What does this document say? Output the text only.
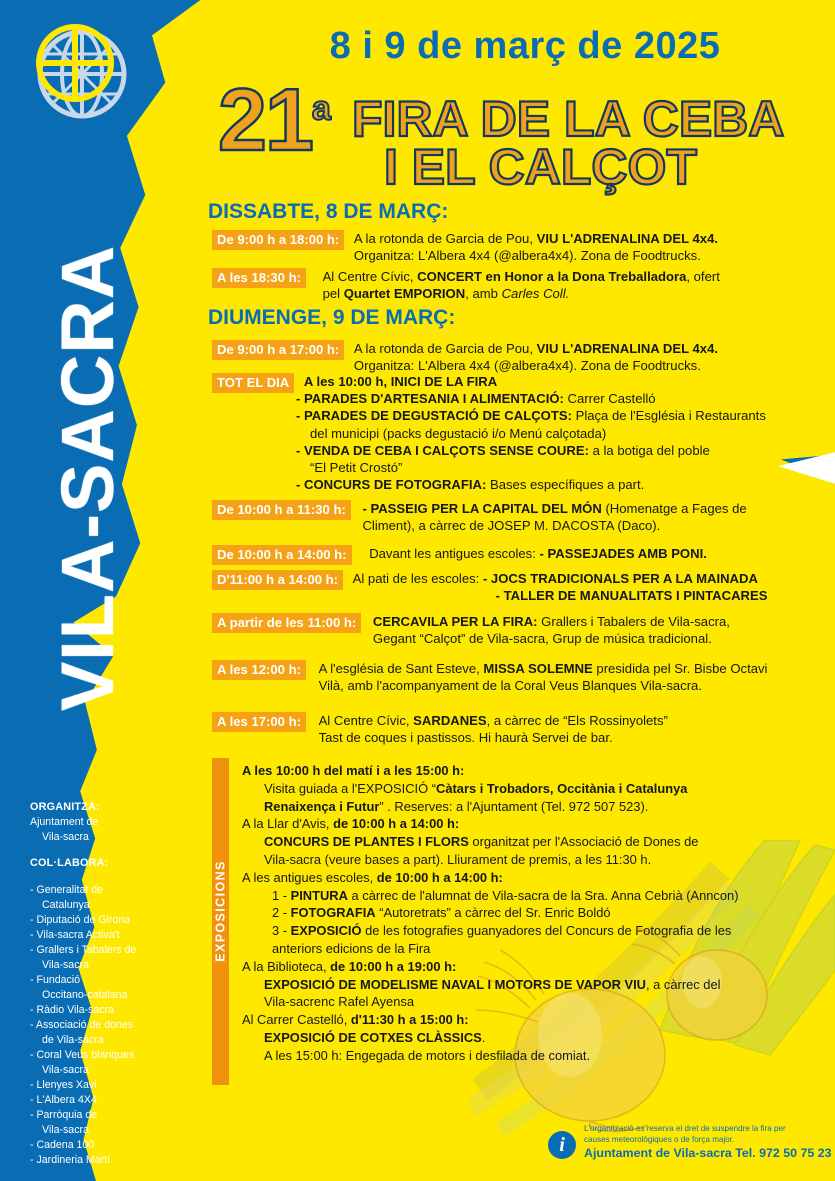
VILA-SACRA
8 i 9 de març de 2025
21$^a$ FIRA DE LA CEBA
I EL CALÇOT
DISSABTE, 8 DE MARÇ:
De 9:00 h a 18:00 h: A la rotonda de Garcia de Pou, VIU L'ADRENALINA DEL 4x4.
Organitza: L'Albera 4x4 (@albera4x4). Zona de Foodtrucks.
A les 18:30 h: Al Centre Cívic, CONCERT en Honor a la Dona Treballadora, ofert
pel Quartet EMPORION, amb Carles Coll.
DIUMENGE, 9 DE MARÇ:
De 9:00 h a 17:00 h: A la rotonda de Garcia de Pou, VIU L'ADRENALINA DEL 4x4.
Organitza: L'Albera 4x4 (@albera4x4). Zona de Foodtrucks.
TOT EL DIA A les 10:00 h, INICI DE LA FIRA
- PARADES D'ARTESANIA I ALIMENTACIÓ: Carrer Castelló
- PARADES DE DEGUSTACIÓ DE CALÇOTS: Plaça de l'Església i Restaurants
del municipi (packs degustació i/o Menú calçotada)
- VENDA DE CEBA I CALÇOTS SENSE COURE: a la botiga del poble
“El Petit Crostó”
- CONCURS DE FOTOGRAFIA: Bases específiques a part.
De 10:00 h a 11:30 h: - PASSEIG PER LA CAPITAL DEL MÓN (Homenatge a Fages de
Climent), a càrrec de JOSEP M. DACOSTA (Daco).
De 10:00 h a 14:00 h: Davant les antigues escoles: - PASSEJADES AMB PONI.
D'11:00 h a 14:00 h: Al pati de les escoles: - JOCS TRADICIONALS PER A LA MAINADA
- TALLER DE MANUALITATS I PINTACARES
A partir de les 11:00 h: CERCAVILA PER LA FIRA: Grallers i Tabalers de Vila-sacra,
Gegant “Calçot” de Vila-sacra, Grup de música tradicional.
A les 12:00 h: A l'església de Sant Esteve, MISSA SOLEMNE presidida pel Sr. Bisbe Octavi
Vilà, amb l'acompanyament de la Coral Veus Blanques Vila-sacra.
A les 17:00 h: Al Centre Cívic, SARDANES, a càrrec de “Els Rossinyolets”
Tast de coques i pastissos. Hi haurà Servei de bar.
EXPOSICIONS
A les 10:00 h del matí i a les 15:00 h:
Visita guiada a l'EXPOSICIÓ “Càtars i Trobadors, Occitània i Catalunya
Renaixença i Futur” . Reserves: a l'Ajuntament (Tel. 972 507 523).
A la Llar d'Avis, de 10:00 h a 14:00 h:
CONCURS DE PLANTES I FLORS organitzat per l'Associació de Dones de
Vila-sacra (veure bases a part). Lliurament de premis, a les 11:30 h.
A les antigues escoles, de 10:00 h a 14:00 h:
1 - PINTURA a càrrec de l'alumnat de Vila-sacra de la Sra. Anna Cebrià (Anncon)
2 - FOTOGRAFIA “Autoretrats” a càrrec del Sr. Enric Boldó
3 - EXPOSICIÓ de les fotografies guanyadores del Concurs de Fotografia de les
anteriors edicions de la Fira
A la Biblioteca, de 10:00 h a 19:00 h:
EXPOSICIÓ DE MODELISME NAVAL I MOTORS DE VAPOR VIU, a càrrec del
Vila-sacrenc Rafel Ayensa
Al Carrer Castelló, d'11:30 h a 15:00 h:
EXPOSICIÓ DE COTXES CLÀSSICS.
A les 15:00 h: Engegada de motors i desfilada de comiat.
ORGANITZA:
Ajuntament de
Vila-sacra
COL·LABORA:
- Generalitat de
Catalunya
- Diputació de Girona
- Vila-sacra Activa't
- Grallers i Tabalers de
Vila-sacra
- Fundació
Occitano-catalana
- Ràdio Vila-sacra
- Associació de dones
de Vila-sacra
- Coral Veus blanques
Vila-sacra
- Llenyes Xavi
- L'Albera 4X4
- Parròquia de
Vila-sacra
- Cadena 100
- Jardineria Martí
i
L'organització es reserva el dret de suspendre la fira per
causes meteorològiques o de força major.
Ajuntament de Vila-sacra Tel. 972 50 75 23
